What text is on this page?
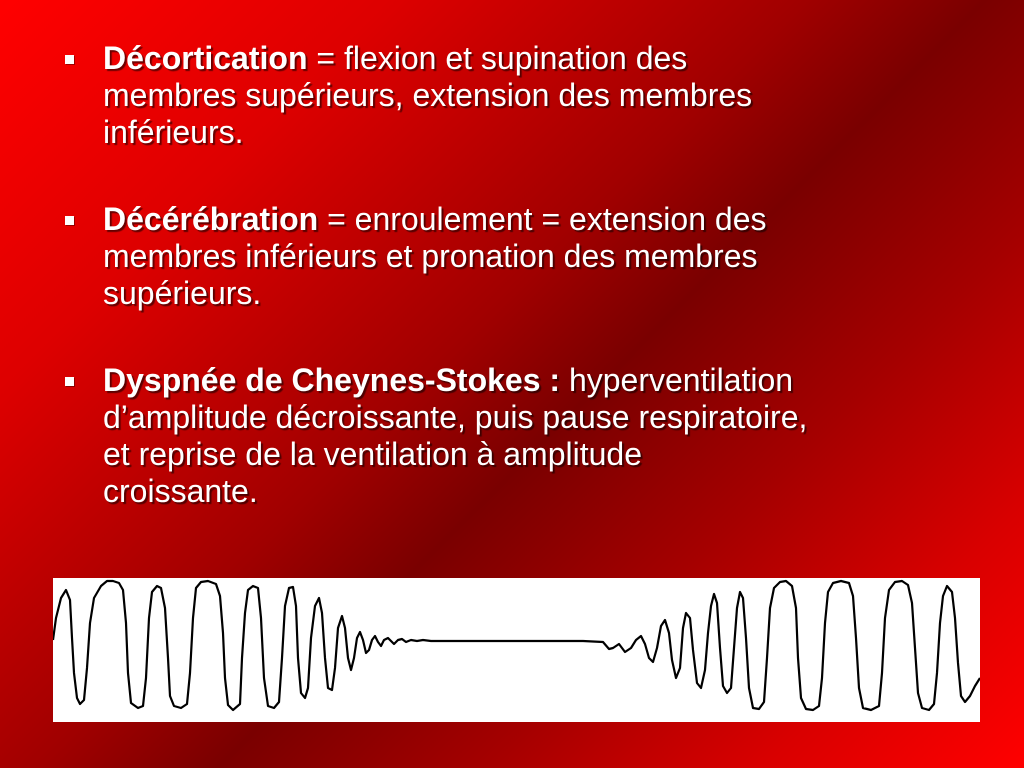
Décortication = flexion et supination des
membres supérieurs, extension des membres
inférieurs.
Décérébration = enroulement = extension des
membres inférieurs et pronation des membres
supérieurs.
Dyspnée de Cheynes-Stokes : hyperventilation
d’amplitude décroissante, puis pause respiratoire,
et reprise de la ventilation à amplitude
croissante.
